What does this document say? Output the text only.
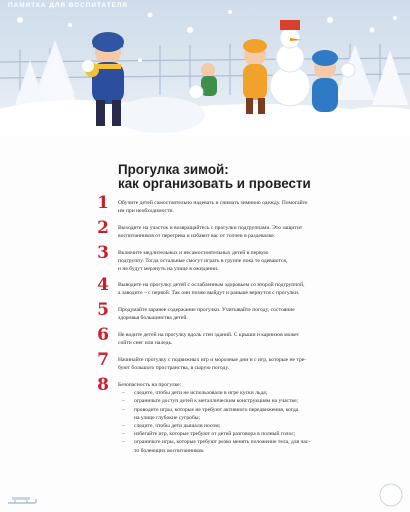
ПАМЯТКА ДЛЯ ВОСПИТАТЕЛЯ
Прогулка зимой:
как организовать и провести
1 Обучите детей самостоятельно надевать и снимать зимнюю одежду. Помогайте
им при необходимости.
2 Выходите на участок и возвращайтесь с прогулки подгруппами. Это защитит
воспитанников от перегрева и избавит вас от толчеи в раздевалке.
3 Включите медлительных и несамостоятельных детей в первую
подгруппу. Тогда остальные смогут играть в группе пока те одеваются,
и не будут мерзнуть на улице в ожидании.
4 Выводите на прогулку детей с ослабленным здоровьем со второй подгруппой,
а заводите – с первой. Так они позже выйдут и раньше вернутся с прогулки.
5 Продумайте заранее содержание прогулки. Учитывайте погоду, состояние
здоровья большинства детей.
6 Не водите детей на прогулку вдоль стен зданий. С крыши и карнизов может
сойти снег или наледь.
7 Начинайте прогулку с подвижных игр и морозные дни и с игр, которые не тре-
буют большого пространства, в сырую погоду.
8 Безопасность на прогулке:
– следите, чтобы дети не использовали в игре куски льда;
– ограничьте доступ детей к металлическим конструкциям на участке;
– проводите игры, которые не требуют активного передвижения, когда
на улице глубокие сугробы;
– следите, чтобы дети дышали носом;
– избегайте игр, которые требуют от детей разговора в полный голос;
– ограничьте игры, которые требуют резко менять положение тела, для час-
то болеющих воспитанников.
